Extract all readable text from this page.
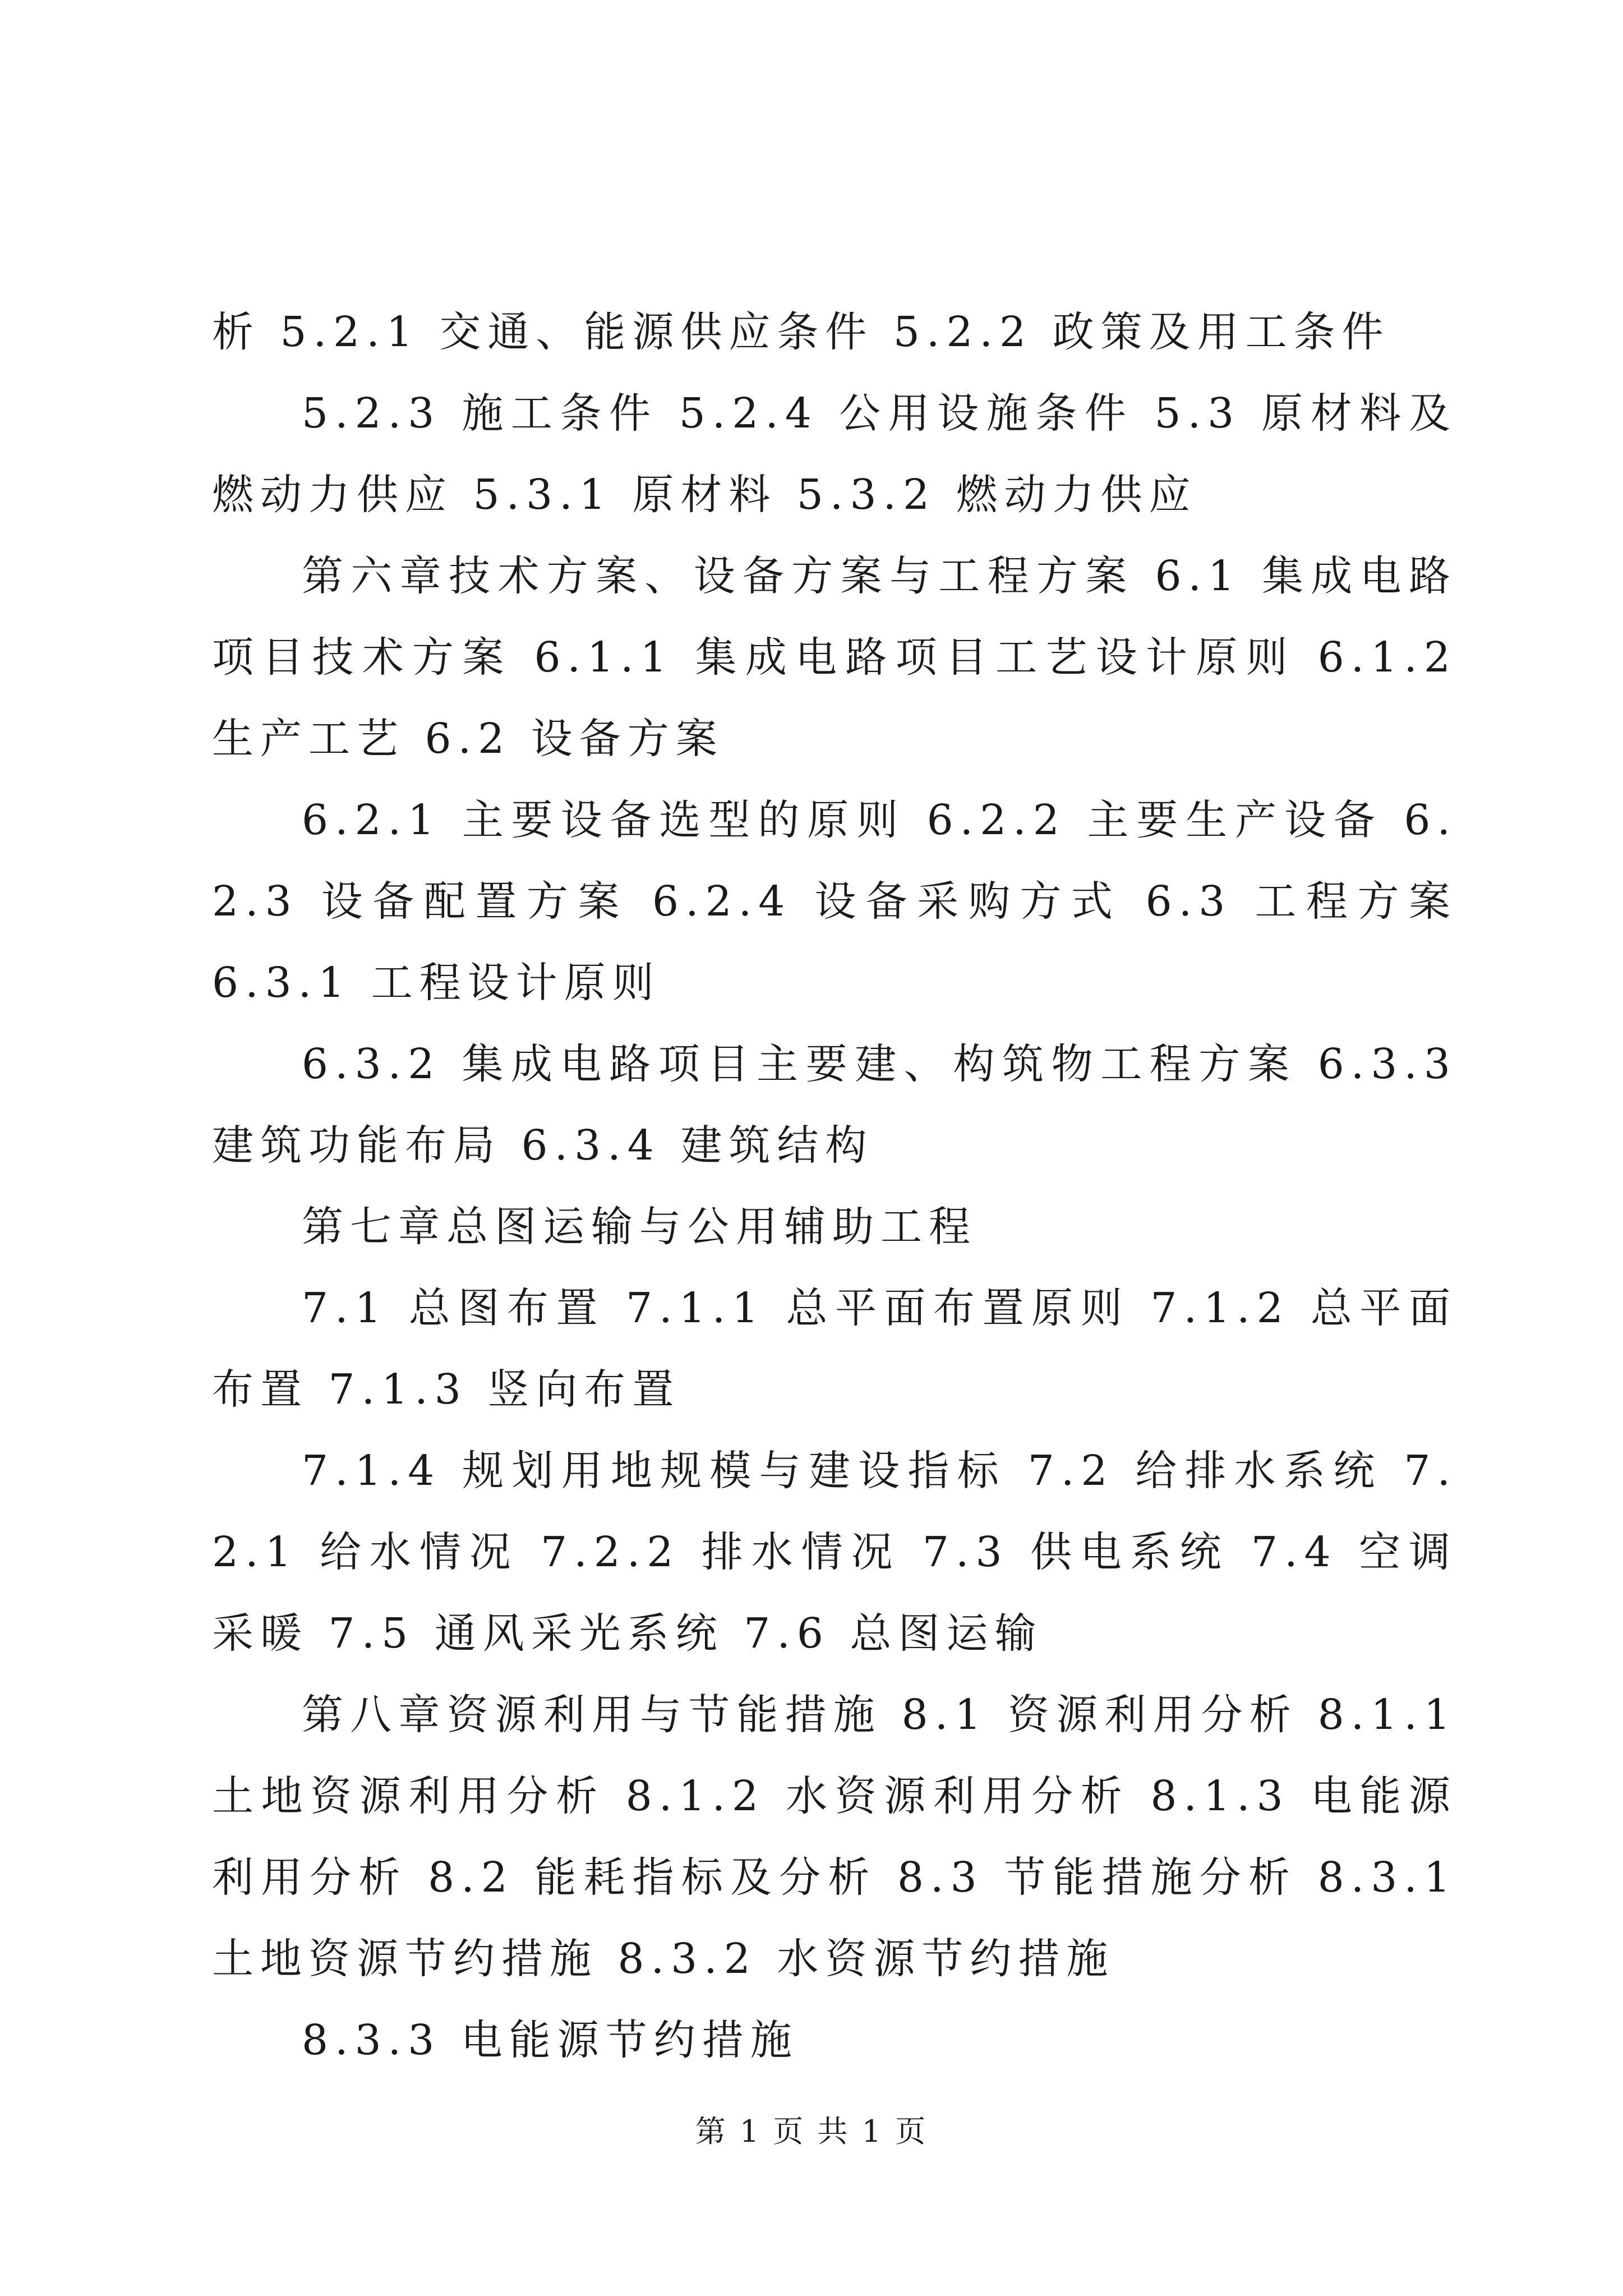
析 5.2.1 交通、能源供应条件 5.2.2 政策及用工条件

5.2.3 施工条件 5.2.4 公用设施条件 5.3 原材料及燃动力供应 5.3.1 原材料 5.3.2 燃动力供应

第六章技术方案、设备方案与工程方案 6.1 集成电路项目技术方案 6.1.1 集成电路项目工艺设计原则 6.1.2 生产工艺 6.2 设备方案

6.2.1 主要设备选型的原则 6.2.2 主要生产设备 6.2.3 设备配置方案 6.2.4 设备采购方式 6.3 工程方案 6.3.1 工程设计原则

6.3.2 集成电路项目主要建、构筑物工程方案 6.3.3 建筑功能布局 6.3.4 建筑结构

第七章总图运输与公用辅助工程

7.1 总图布置 7.1.1 总平面布置原则 7.1.2 总平面布置 7.1.3 竖向布置

7.1.4 规划用地规模与建设指标 7.2 给排水系统 7.2.1 给水情况 7.2.2 排水情况 7.3 供电系统 7.4 空调采暖 7.5 通风采光系统 7.6 总图运输

第八章资源利用与节能措施 8.1 资源利用分析 8.1.1 土地资源利用分析 8.1.2 水资源利用分析 8.1.3 电能源利用分析 8.2 能耗指标及分析 8.3 节能措施分析 8.3.1 土地资源节约措施 8.3.2 水资源节约措施

8.3.3 电能源节约措施

第 1 页 共 1 页
